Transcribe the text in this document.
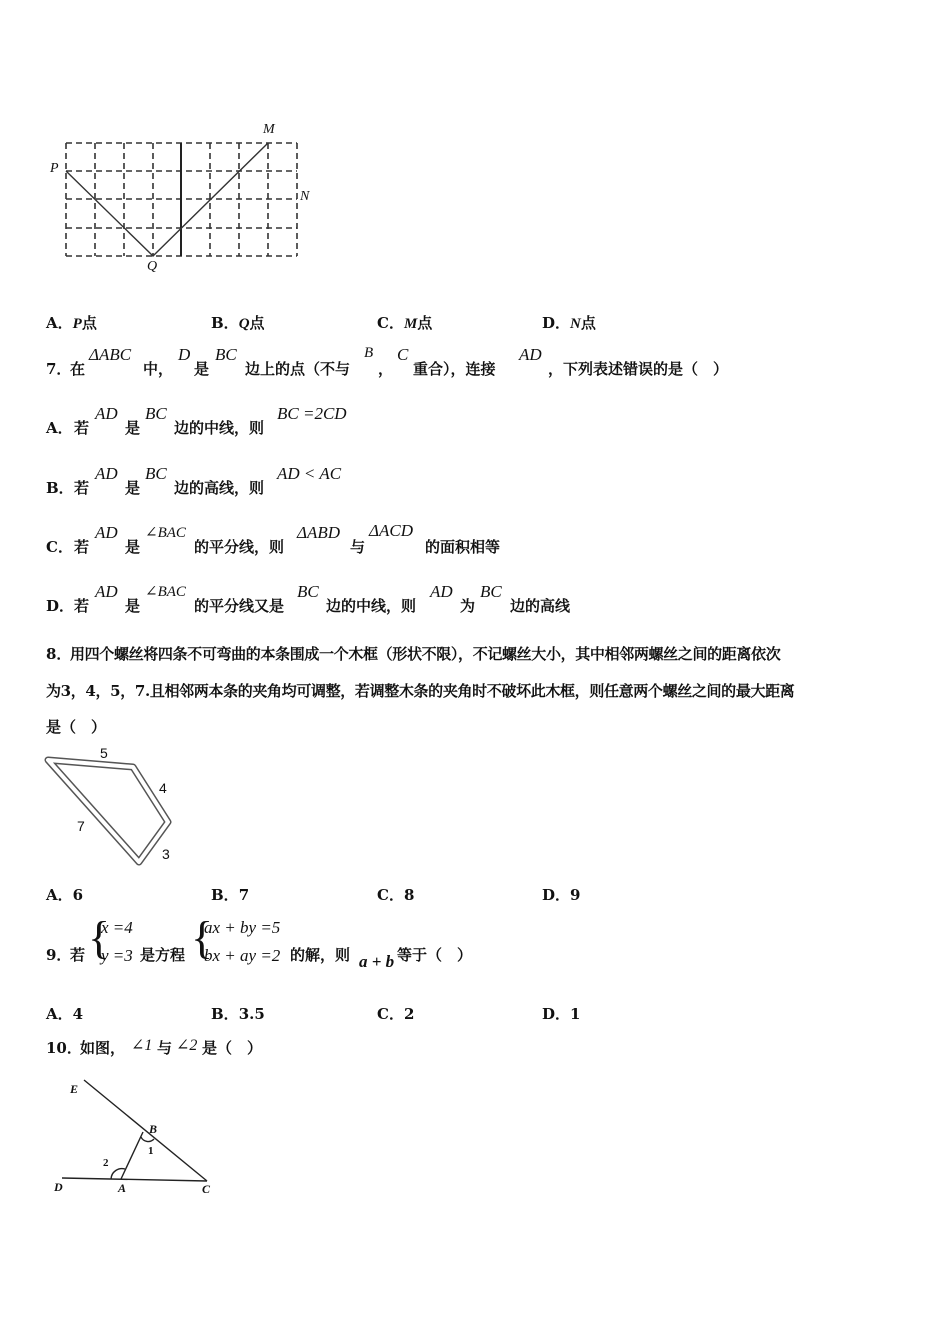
P
Q
M
N
A．P点	B．Q点	C．M点	D．N点
7．
在
ΔABC
中，
D
是
BC
边上的点（不与
B
，
C
重合），连接
AD
，下列表述错误的是（　）
A． 若
AD
是
BC
边的中线，则
BC =2CD
B． 若
AD
是
BC
边的高线，则
AD < AC
C． 若
AD
是
∠BAC
的平分线，则
ΔABD
与
ΔACD
的面积相等
D． 若
AD
是
∠BAC
的平分线又是
BC
边的中线，则
AD
为
BC
边的高线
8．
用四个螺丝将四条不可弯曲的本条围成一个木框（形状不限），不记螺丝大小，其中相邻两螺丝之间的距离依次
为3，4，5，7.且相邻两本条的夹角均可调整，若调整木条的夹角时不破坏此木框，则任意两个螺丝之间的最大距离
是（　）
5
4
7
3
A．6	B．7	C．8	D．9
9．
若 {
x =4
y =3 是方程 {
ax + by =5
bx + ay =2 的解，则 a + b 等于（　）
A．4	B．3.5	C．2	D．1
10．
如图， ∠1 与 ∠2 是（　）
E
B
1
2
D	A	C
